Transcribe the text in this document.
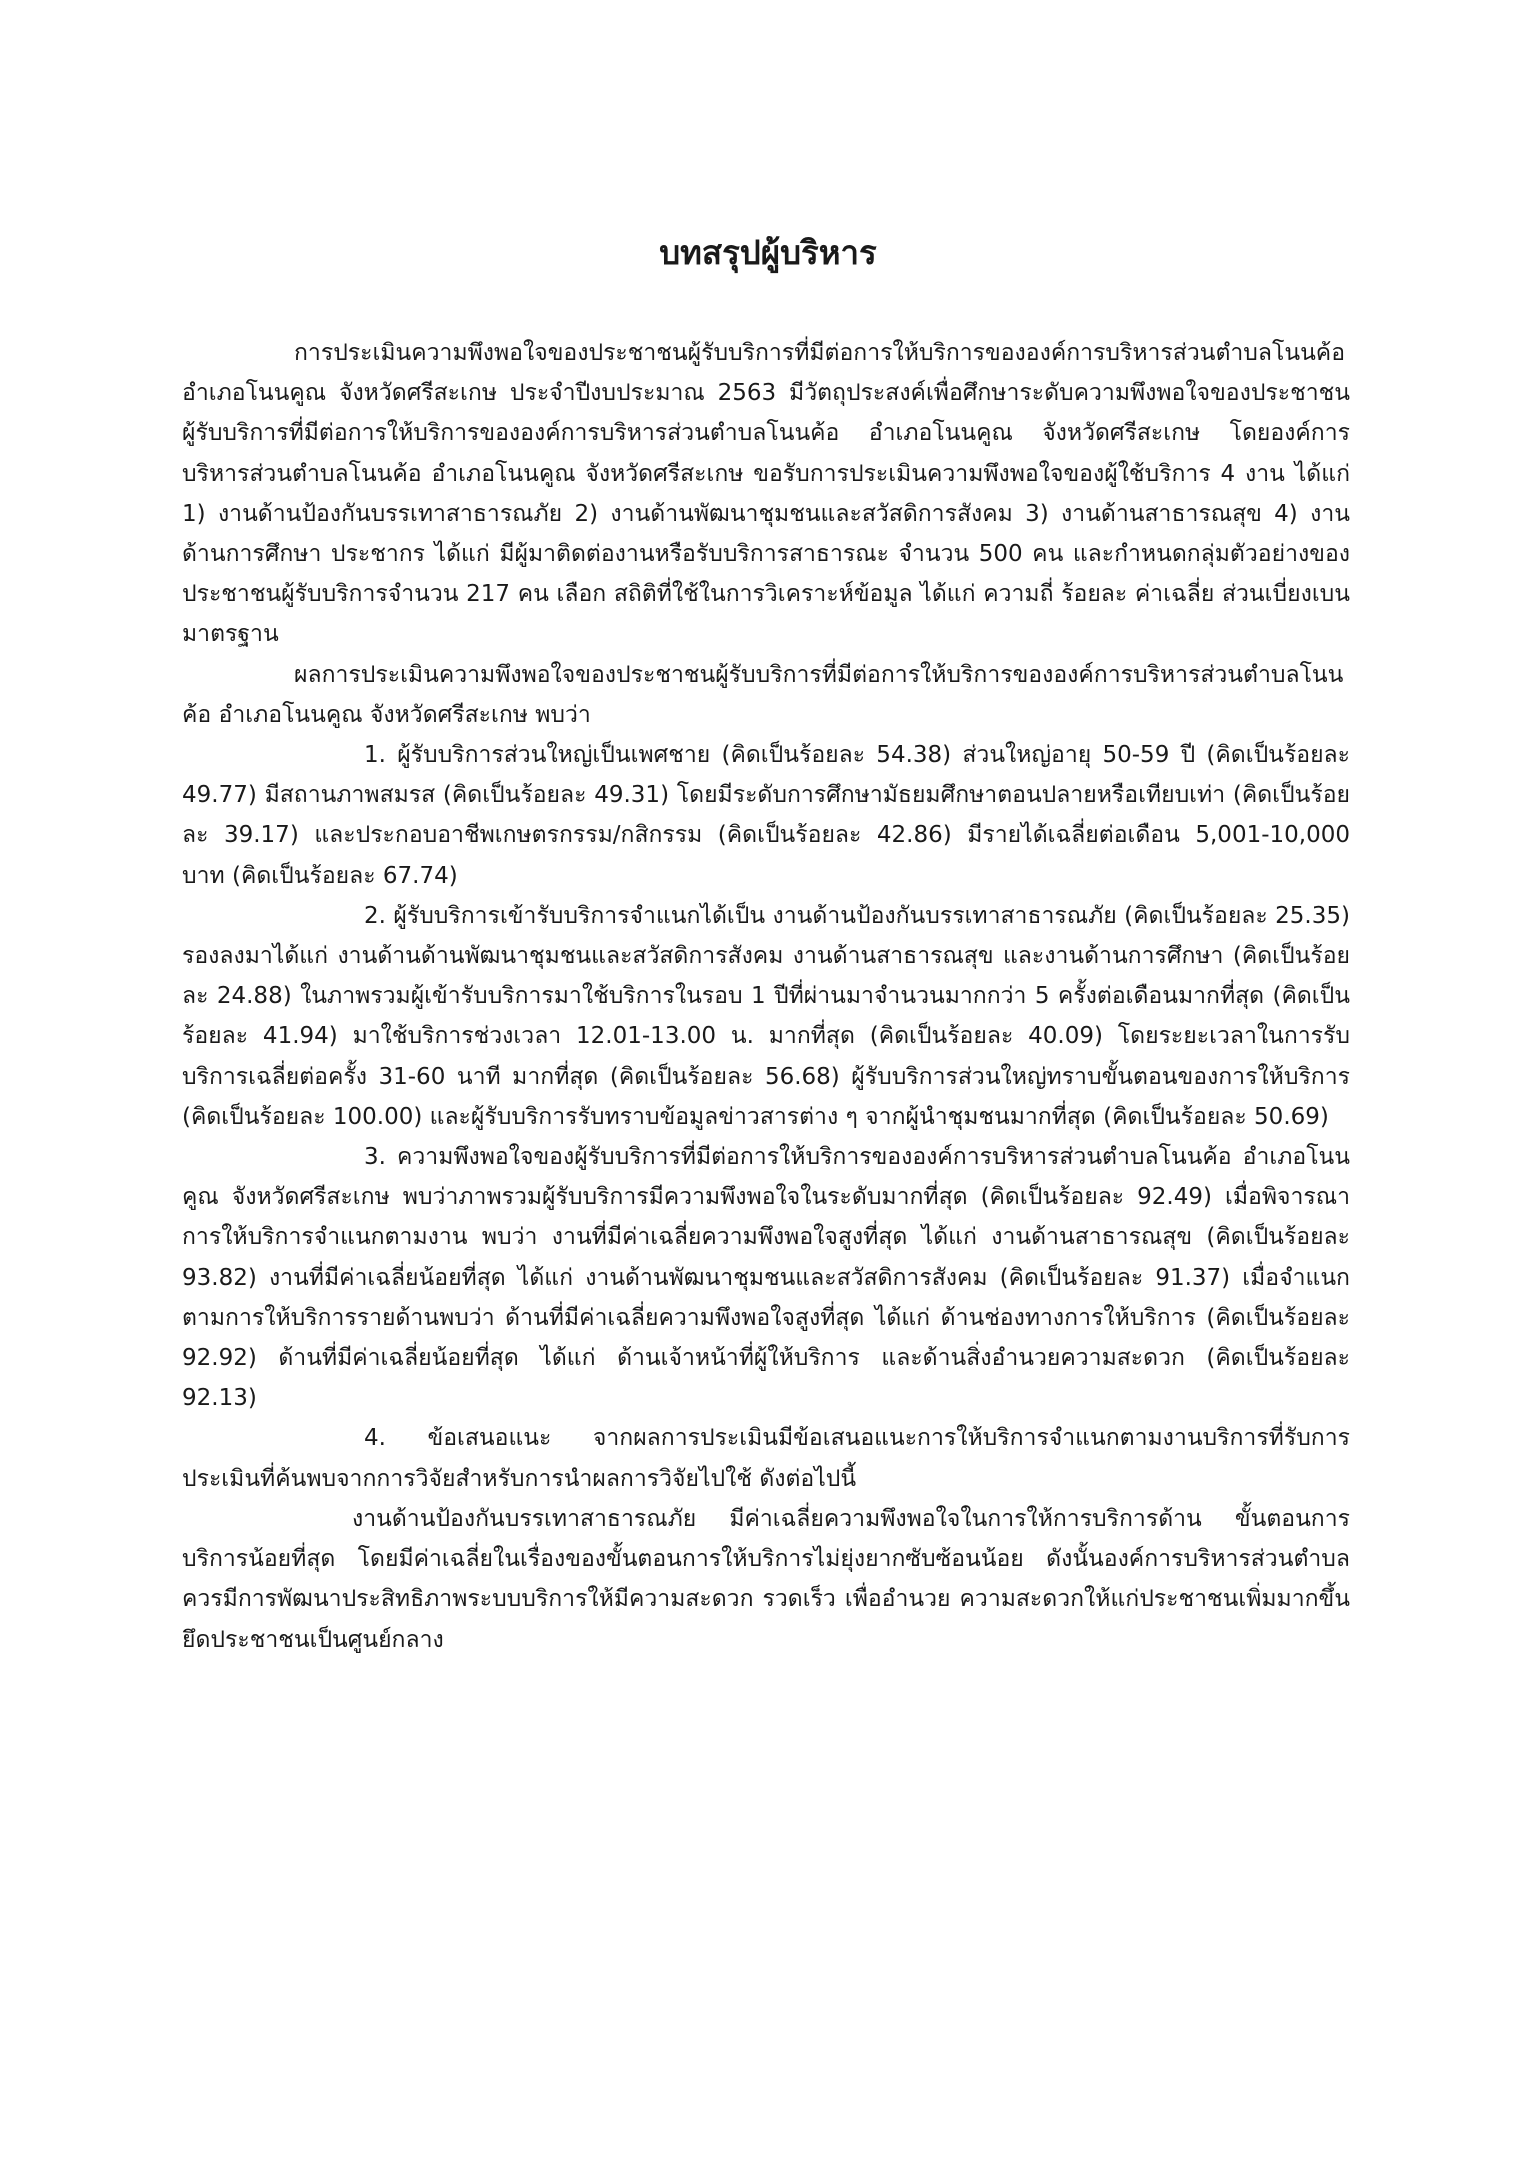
บทสรุปผู้บริหาร

การประเมินความพึงพอใจของประชาชนผู้รับบริการที่มีต่อการให้บริการขององค์การบริหารส่วนตำบลโนนค้อ อำเภอโนนคูณ จังหวัดศรีสะเกษ ประจำปีงบประมาณ 2563 มีวัตถุประสงค์เพื่อศึกษาระดับความพึงพอใจของประชาชนผู้รับบริการที่มีต่อการให้บริการขององค์การบริหารส่วนตำบลโนนค้อ อำเภอโนนคูณ จังหวัดศรีสะเกษ โดยองค์การบริหารส่วนตำบลโนนค้อ อำเภอโนนคูณ จังหวัดศรีสะเกษ ขอรับการประเมินความพึงพอใจของผู้ใช้บริการ 4 งาน ได้แก่ 1) งานด้านป้องกันบรรเทาสาธารณภัย 2) งานด้านพัฒนาชุมชนและสวัสดิการสังคม 3) งานด้านสาธารณสุข 4) งานด้านการศึกษา ประชากร ได้แก่ มีผู้มาติดต่องานหรือรับบริการสาธารณะ จำนวน 500 คน และกำหนดกลุ่มตัวอย่างของประชาชนผู้รับบริการจำนวน 217 คน เลือก สถิติที่ใช้ในการวิเคราะห์ข้อมูล ได้แก่ ความถี่ ร้อยละ ค่าเฉลี่ย ส่วนเบี่ยงเบนมาตรฐาน

ผลการประเมินความพึงพอใจของประชาชนผู้รับบริการที่มีต่อการให้บริการขององค์การบริหารส่วนตำบลโนนค้อ อำเภอโนนคูณ จังหวัดศรีสะเกษ พบว่า

1. ผู้รับบริการส่วนใหญ่เป็นเพศชาย (คิดเป็นร้อยละ 54.38) ส่วนใหญ่อายุ 50-59 ปี (คิดเป็นร้อยละ 49.77) มีสถานภาพสมรส (คิดเป็นร้อยละ 49.31) โดยมีระดับการศึกษามัธยมศึกษาตอนปลายหรือเทียบเท่า (คิดเป็นร้อยละ 39.17) และประกอบอาชีพเกษตรกรรม/กสิกรรม (คิดเป็นร้อยละ 42.86) มีรายได้เฉลี่ยต่อเดือน 5,001-10,000 บาท (คิดเป็นร้อยละ 67.74)

2. ผู้รับบริการเข้ารับบริการจำแนกได้เป็น งานด้านป้องกันบรรเทาสาธารณภัย (คิดเป็นร้อยละ 25.35) รองลงมาได้แก่ งานด้านด้านพัฒนาชุมชนและสวัสดิการสังคม งานด้านสาธารณสุข และงานด้านการศึกษา (คิดเป็นร้อยละ 24.88) ในภาพรวมผู้เข้ารับบริการมาใช้บริการในรอบ 1 ปีที่ผ่านมาจำนวนมากกว่า 5 ครั้งต่อเดือนมากที่สุด (คิดเป็นร้อยละ 41.94) มาใช้บริการช่วงเวลา 12.01-13.00 น. มากที่สุด (คิดเป็นร้อยละ 40.09) โดยระยะเวลาในการรับบริการเฉลี่ยต่อครั้ง 31-60 นาที มากที่สุด (คิดเป็นร้อยละ 56.68) ผู้รับบริการส่วนใหญ่ทราบขั้นตอนของการให้บริการ (คิดเป็นร้อยละ 100.00) และผู้รับบริการรับทราบข้อมูลข่าวสารต่าง ๆ จากผู้นำชุมชนมากที่สุด (คิดเป็นร้อยละ 50.69)

3. ความพึงพอใจของผู้รับบริการที่มีต่อการให้บริการขององค์การบริหารส่วนตำบลโนนค้อ อำเภอโนนคูณ จังหวัดศรีสะเกษ พบว่าภาพรวมผู้รับบริการมีความพึงพอใจในระดับมากที่สุด (คิดเป็นร้อยละ 92.49) เมื่อพิจารณาการให้บริการจำแนกตามงาน พบว่า งานที่มีค่าเฉลี่ยความพึงพอใจสูงที่สุด ได้แก่ งานด้านสาธารณสุข (คิดเป็นร้อยละ 93.82) งานที่มีค่าเฉลี่ยน้อยที่สุด ได้แก่ งานด้านพัฒนาชุมชนและสวัสดิการสังคม (คิดเป็นร้อยละ 91.37) เมื่อจำแนกตามการให้บริการรายด้านพบว่า ด้านที่มีค่าเฉลี่ยความพึงพอใจสูงที่สุด ได้แก่ ด้านช่องทางการให้บริการ (คิดเป็นร้อยละ 92.92) ด้านที่มีค่าเฉลี่ยน้อยที่สุด ได้แก่ ด้านเจ้าหน้าที่ผู้ให้บริการ และด้านสิ่งอำนวยความสะดวก (คิดเป็นร้อยละ 92.13)

4. ข้อเสนอแนะ จากผลการประเมินมีข้อเสนอแนะการให้บริการจำแนกตามงานบริการที่รับการประเมินที่ค้นพบจากการวิจัยสำหรับการนำผลการวิจัยไปใช้ ดังต่อไปนี้

งานด้านป้องกันบรรเทาสาธารณภัย มีค่าเฉลี่ยความพึงพอใจในการให้การบริการด้าน ขั้นตอนการบริการน้อยที่สุด โดยมีค่าเฉลี่ยในเรื่องของขั้นตอนการให้บริการไม่ยุ่งยากซับซ้อนน้อย ดังนั้นองค์การบริหารส่วนตำบลควรมีการพัฒนาประสิทธิภาพระบบบริการให้มีความสะดวก รวดเร็ว เพื่ออำนวย ความสะดวกให้แก่ประชาชนเพิ่มมากขึ้น ยึดประชาชนเป็นศูนย์กลาง
